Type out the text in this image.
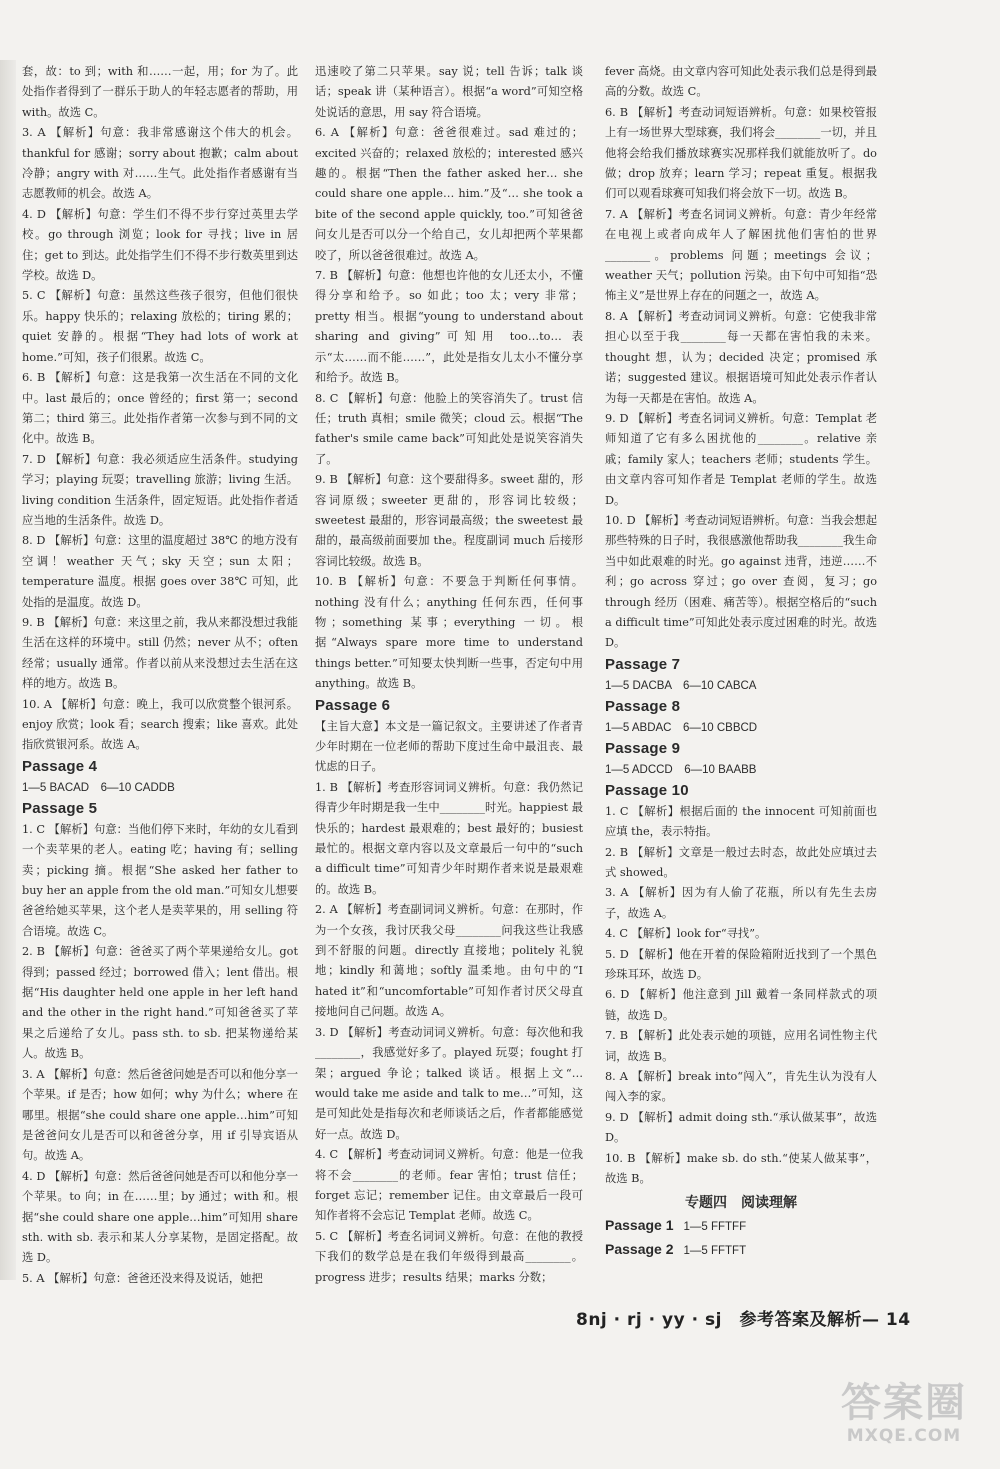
套，故：to 到；with 和……一起，用；for 为了。此处指作者得到了一群乐于助人的年轻志愿者的帮助，用 with。故选 C。

3. A 【解析】句意：我非常感谢这个伟大的机会。thankful for 感谢；sorry about 抱歉；calm about 冷静；angry with 对……生气。此处指作者感谢有当志愿教师的机会。故选 A。

4. D 【解析】句意：学生们不得不步行穿过英里去学校。go through 浏览；look for 寻找；live in 居住；get to 到达。此处指学生们不得不步行数英里到达学校。故选 D。

5. C 【解析】句意：虽然这些孩子很穷，但他们很快乐。happy 快乐的；relaxing 放松的；tiring 累的；quiet 安静的。根据“They had lots of work at home.”可知，孩子们很累。故选 C。

6. B 【解析】句意：这是我第一次生活在不同的文化中。last 最后的；once 曾经的；first 第一；second 第二；third 第三。此处指作者第一次参与到不同的文化中。故选 B。

7. D 【解析】句意：我必须适应生活条件。studying 学习；playing 玩耍；travelling 旅游；living 生活。living condition 生活条件，固定短语。此处指作者适应当地的生活条件。故选 D。

8. D 【解析】句意：这里的温度超过 38℃ 的地方没有空调！weather 天气；sky 天空；sun 太阳；temperature 温度。根据 goes over 38℃ 可知，此处指的是温度。故选 D。

9. B 【解析】句意：来这里之前，我从来都没想过我能生活在这样的环境中。still 仍然；never 从不；often 经常；usually 通常。作者以前从来没想过去生活在这样的地方。故选 B。

10. A 【解析】句意：晚上，我可以欣赏整个银河系。enjoy 欣赏；look 看；search 搜索；like 喜欢。此处指欣赏银河系。故选 A。

Passage 4

1—5 BACAD　6—10 CADDB

Passage 5

1. C 【解析】句意：当他们停下来时，年幼的女儿看到一个卖苹果的老人。eating 吃；having 有；selling 卖；picking 摘。根据“She asked her father to buy her an apple from the old man.”可知女儿想要爸爸给她买苹果，这个老人是卖苹果的，用 selling 符合语境。故选 C。

2. B 【解析】句意：爸爸买了两个苹果递给女儿。got 得到；passed 经过；borrowed 借入；lent 借出。根据“His daughter held one apple in her left hand and the other in the right hand.”可知爸爸买了苹果之后递给了女儿。pass sth. to sb. 把某物递给某人。故选 B。

3. A 【解析】句意：然后爸爸问她是否可以和他分享一个苹果。if 是否；how 如何；why 为什么；where 在哪里。根据“she could share one apple…him”可知是爸爸问女儿是否可以和爸爸分享，用 if 引导宾语从句。故选 A。

4. D 【解析】句意：然后爸爸问她是否可以和他分享一个苹果。to 向；in 在……里；by 通过；with 和。根据“she could share one apple…him”可知用 share sth. with sb. 表示和某人分享某物，是固定搭配。故选 D。

5. A 【解析】句意：爸爸还没来得及说话，她把

迅速咬了第二只苹果。say 说；tell 告诉；talk 谈话；speak 讲（某种语言）。根据“a word”可知空格处说话的意思，用 say 符合语境。

6. A 【解析】句意：爸爸很难过。sad 难过的；excited 兴奋的；relaxed 放松的；interested 感兴趣的。根据“Then the father asked her… she could share one apple… him.”及“… she took a bite of the second apple quickly, too.”可知爸爸问女儿是否可以分一个给自己，女儿却把两个苹果都咬了，所以爸爸很难过。故选 A。

7. B 【解析】句意：他想也许他的女儿还太小，不懂得分享和给予。so 如此；too 太；very 非常；pretty 相当。根据“young to understand about sharing and giving”可知用 too…to… 表示“太……而不能……”，此处是指女儿太小不懂分享和给予。故选 B。

8. C 【解析】句意：他脸上的笑容消失了。trust 信任；truth 真相；smile 微笑；cloud 云。根据“The father's smile came back”可知此处是说笑容消失了。

9. B 【解析】句意：这个要甜得多。sweet 甜的，形容词原级；sweeter 更甜的，形容词比较级；sweetest 最甜的，形容词最高级；the sweetest 最甜的，最高级前面要加 the。程度副词 much 后接形容词比较级。故选 B。

10. B 【解析】句意：不要急于判断任何事情。nothing 没有什么；anything 任何东西，任何事物；something 某事；everything 一切。根据“Always spare more time to understand things better.”可知要太快判断一些事，否定句中用 anything。故选 B。

Passage 6

【主旨大意】本文是一篇记叙文。主要讲述了作者青少年时期在一位老师的帮助下度过生命中最沮丧、最忧虑的日子。

1. B 【解析】考查形容词词义辨析。句意：我仍然记得青少年时期是我一生中________时光。happiest 最快乐的；hardest 最艰难的；best 最好的；busiest 最忙的。根据文章内容以及文章最后一句中的“such a difficult time”可知青少年时期作者来说是最艰难的。故选 B。

2. A 【解析】考查副词词义辨析。句意：在那时，作为一个女孩，我讨厌我父母________问我这些让我感到不舒服的问题。directly 直接地；politely 礼貌地；kindly 和蔼地；softly 温柔地。由句中的“I hated it”和“uncomfortable”可知作者讨厌父母直接地问自己问题。故选 A。

3. D 【解析】考查动词词义辨析。句意：每次他和我________，我感觉好多了。played 玩耍；fought 打架；argued 争论；talked 谈话。根据上文“… would take me aside and talk to me…”可知，这是可知此处是指每次和老师谈话之后，作者都能感觉好一点。故选 D。

4. C 【解析】考查动词词义辨析。句意：他是一位我将不会________的老师。fear 害怕；trust 信任；forget 忘记；remember 记住。由文章最后一段可知作者将不会忘记 Templat 老师。故选 C。

5. C 【解析】考查名词词义辨析。句意：在他的教授下我们的数学总是在我们年级得到最高________。progress 进步；results 结果；marks 分数；

fever 高烧。由文章内容可知此处表示我们总是得到最高的分数。故选 C。

6. B 【解析】考查动词短语辨析。句意：如果校管报上有一场世界大型球赛，我们将会________一切，并且他将会给我们播放球赛实况那样我们就能放听了。do 做；drop 放弃；learn 学习；repeat 重复。根据我们可以观看球赛可知我们将会放下一切。故选 B。

7. A 【解析】考查名词词义辨析。句意：青少年经常在电视上或者向成年人了解困扰他们害怕的世界________。problems 问题；meetings 会议；weather 天气；pollution 污染。由下句中可知指“恐怖主义”是世界上存在的问题之一，故选 A。

8. A 【解析】考查动词词义辨析。句意：它使我非常担心以至于我________每一天都在害怕我的未来。thought 想，认为；decided 决定；promised 承诺；suggested 建议。根据语境可知此处表示作者认为每一天都是在害怕。故选 A。

9. D 【解析】考查名词词义辨析。句意：Templat 老师知道了它有多么困扰他的________。relative 亲戚；family 家人；teachers 老师；students 学生。由文章内容可知作者是 Templat 老师的学生。故选 D。

10. D 【解析】考查动词短语辨析。句意：当我会想起那些特殊的日子时，我很感激他帮助我________我生命当中如此艰难的时光。go against 违背，违逆……不利；go across 穿过；go over 查阅，复习；go through 经历（困难、痛苦等）。根据空格后的“such a difficult time”可知此处表示度过困难的时光。故选 D。

Passage 7

1—5 DACBA　6—10 CABCA

Passage 8

1—5 ABDAC　6—10 CBBCD

Passage 9

1—5 ADCCD　6—10 BAABB

Passage 10

1. C 【解析】根据后面的 the innocent 可知前面也应填 the，表示特指。

2. B 【解析】文章是一般过去时态，故此处应填过去式 showed。

3. A 【解析】因为有人偷了花瓶，所以有先生去房子，故选 A。

4. C 【解析】look for“寻找”。

5. D 【解析】他在开着的保险箱附近找到了一个黑色珍珠耳环，故选 D。

6. D 【解析】他注意到 Jill 戴着一条同样款式的项链，故选 D。

7. B 【解析】此处表示她的项链，应用名词性物主代词，故选 B。

8. A 【解析】break into“闯入”，肯先生认为没有人闯入李的家。

9. D 【解析】admit doing sth.“承认做某事”，故选 D。

10. B 【解析】make sb. do sth.“使某人做某事”，故选 B。

专题四　阅读理解

Passage 1 1—5 FFTFF

Passage 2 1—5 FFTFT

8nj · rj · yy · sj　参考答案及解析— 14
答案圈
MXQE.COM
